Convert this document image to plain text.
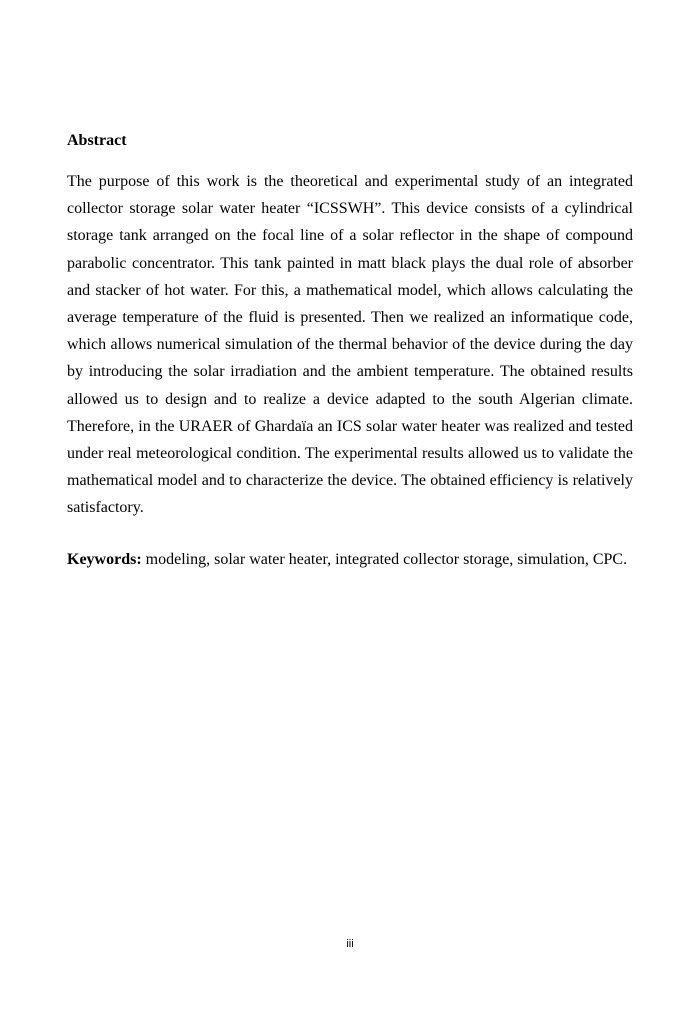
Abstract

The purpose of this work is the theoretical and experimental study of an integrated collector storage solar water heater “ICSSWH”. This device consists of a cylindrical storage tank arranged on the focal line of a solar reflector in the shape of compound parabolic concentrator. This tank painted in matt black plays the dual role of absorber and stacker of hot water. For this, a mathematical model, which allows calculating the average temperature of the fluid is presented. Then we realized an informatique code, which allows numerical simulation of the thermal behavior of the device during the day by introducing the solar irradiation and the ambient temperature. The obtained results allowed us to design and to realize a device adapted to the south Algerian climate. Therefore, in the URAER of Ghardaïa an ICS solar water heater was realized and tested under real meteorological condition. The experimental results allowed us to validate the mathematical model and to characterize the device. The obtained efficiency is relatively satisfactory.

Keywords: modeling, solar water heater, integrated collector storage, simulation, CPC.

iii
